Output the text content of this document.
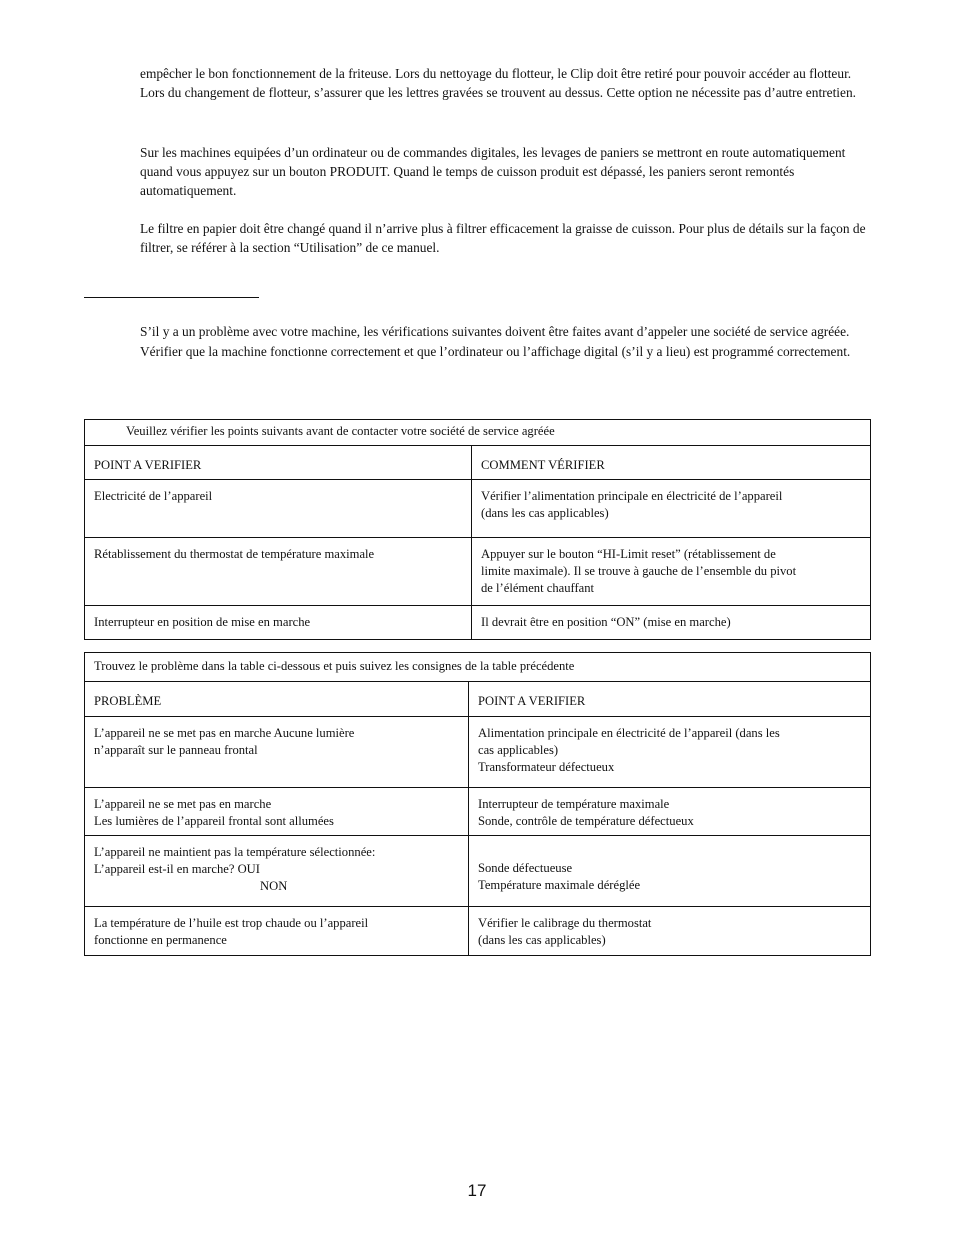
empêcher le bon fonctionnement de la friteuse. Lors du nettoyage du flotteur, le Clip doit être retiré pour pouvoir accéder au flotteur. Lors du changement de flotteur, s’assurer que les lettres gravées se trouvent au dessus. Cette option ne nécessite pas d’autre entretien.

Sur les machines equipées d’un ordinateur ou de commandes digitales, les levages de paniers se mettront en route automatiquement quand vous appuyez sur un bouton PRODUIT. Quand le temps de cuisson produit est dépassé, les paniers seront remontés automatiquement.

Le filtre en papier doit être changé quand il n’arrive plus à filtrer efficacement la graisse de cuisson. Pour plus de détails sur la façon de filtrer, se référer à la section “Utilisation” de ce manuel.

S’il y a un problème avec votre machine, les vérifications suivantes doivent être faites avant d’appeler une société de service agréée. Vérifier que la machine fonctionne correctement et que l’ordinateur ou l’affichage digital (s’il y a lieu) est programmé correctement.

Veuillez vérifier les points suivants avant de contacter votre société de service agréée	
POINT A VERIFIER	COMMENT VÉRIFIER
Electricité de l’appareil	Vérifier l’alimentation principale en électricité de l’appareil
(dans les cas applicables)

Rétablissement du thermostat de température maximale	Appuyer sur le bouton “HI-Limit reset” (rétablissement de
limite maximale). Il se trouve à gauche de l’ensemble du pivot
de l’élément chauffant

Interrupteur en position de mise en marche	Il devrait être en position “ON” (mise en marche)
Trouvez le problème dans la table ci-dessous et puis suivez les consignes de la table précédente	
PROBLÈME	POINT A VERIFIER

L’appareil ne se met pas en marche Aucune lumière
n’apparaît sur le panneau frontal	Alimentation principale en électricité de l’appareil (dans les
cas applicables)
Transformateur défectueux

L’appareil ne se met pas en marche
Les lumières de l’appareil frontal sont allumées	Interrupteur de température maximale
Sonde, contrôle de température défectueux

L’appareil ne maintient pas la température sélectionnée:
L’appareil est-il en marche? OUI
NON	Sonde défectueuse
Température maximale déréglée

La température de l’huile est trop chaude ou l’appareil
fonctionne en permanence	Vérifier le calibrage du thermostat
(dans les cas applicables)
17
